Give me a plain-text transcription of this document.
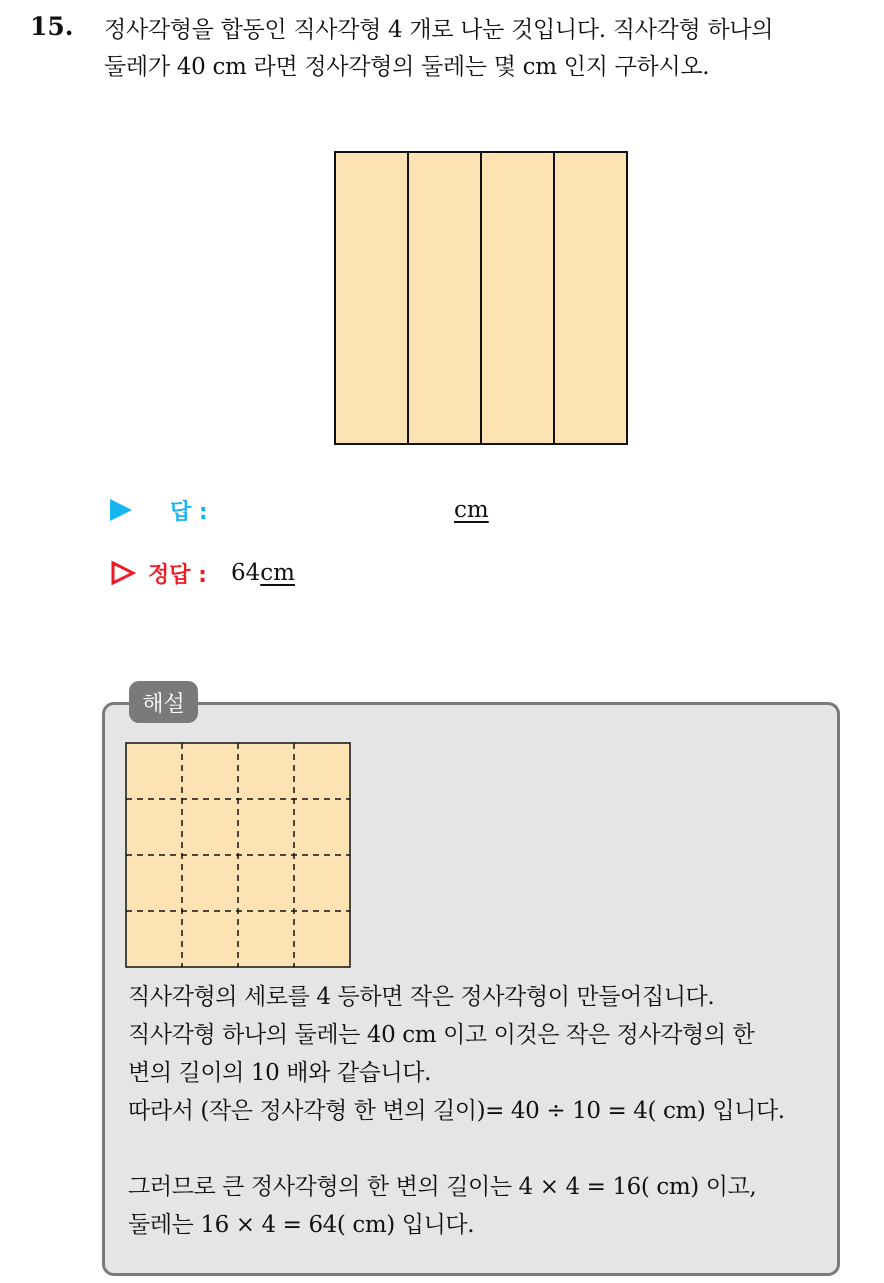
15. 정사각형을 합동인 직사각형 4 개로 나눈 것입니다. 직사각형 하나의
둘레가 40 cm 라면 정사각형의 둘레는 몇 cm 인지 구하시오.
답 :	cm
정답 : 64 cm
해설
직사각형의 세로를 4 등하면 작은 정사각형이 만들어집니다.
직사각형 하나의 둘레는 40 cm 이고 이것은 작은 정사각형의 한
변의 길이의 10 배와 같습니다.
따라서 (작은 정사각형 한 변의 길이)= 40 ÷ 10 = 4( cm) 입니다.
그러므로 큰 정사각형의 한 변의 길이는 4 × 4 = 16( cm) 이고,
둘레는 16 × 4 = 64( cm) 입니다.
